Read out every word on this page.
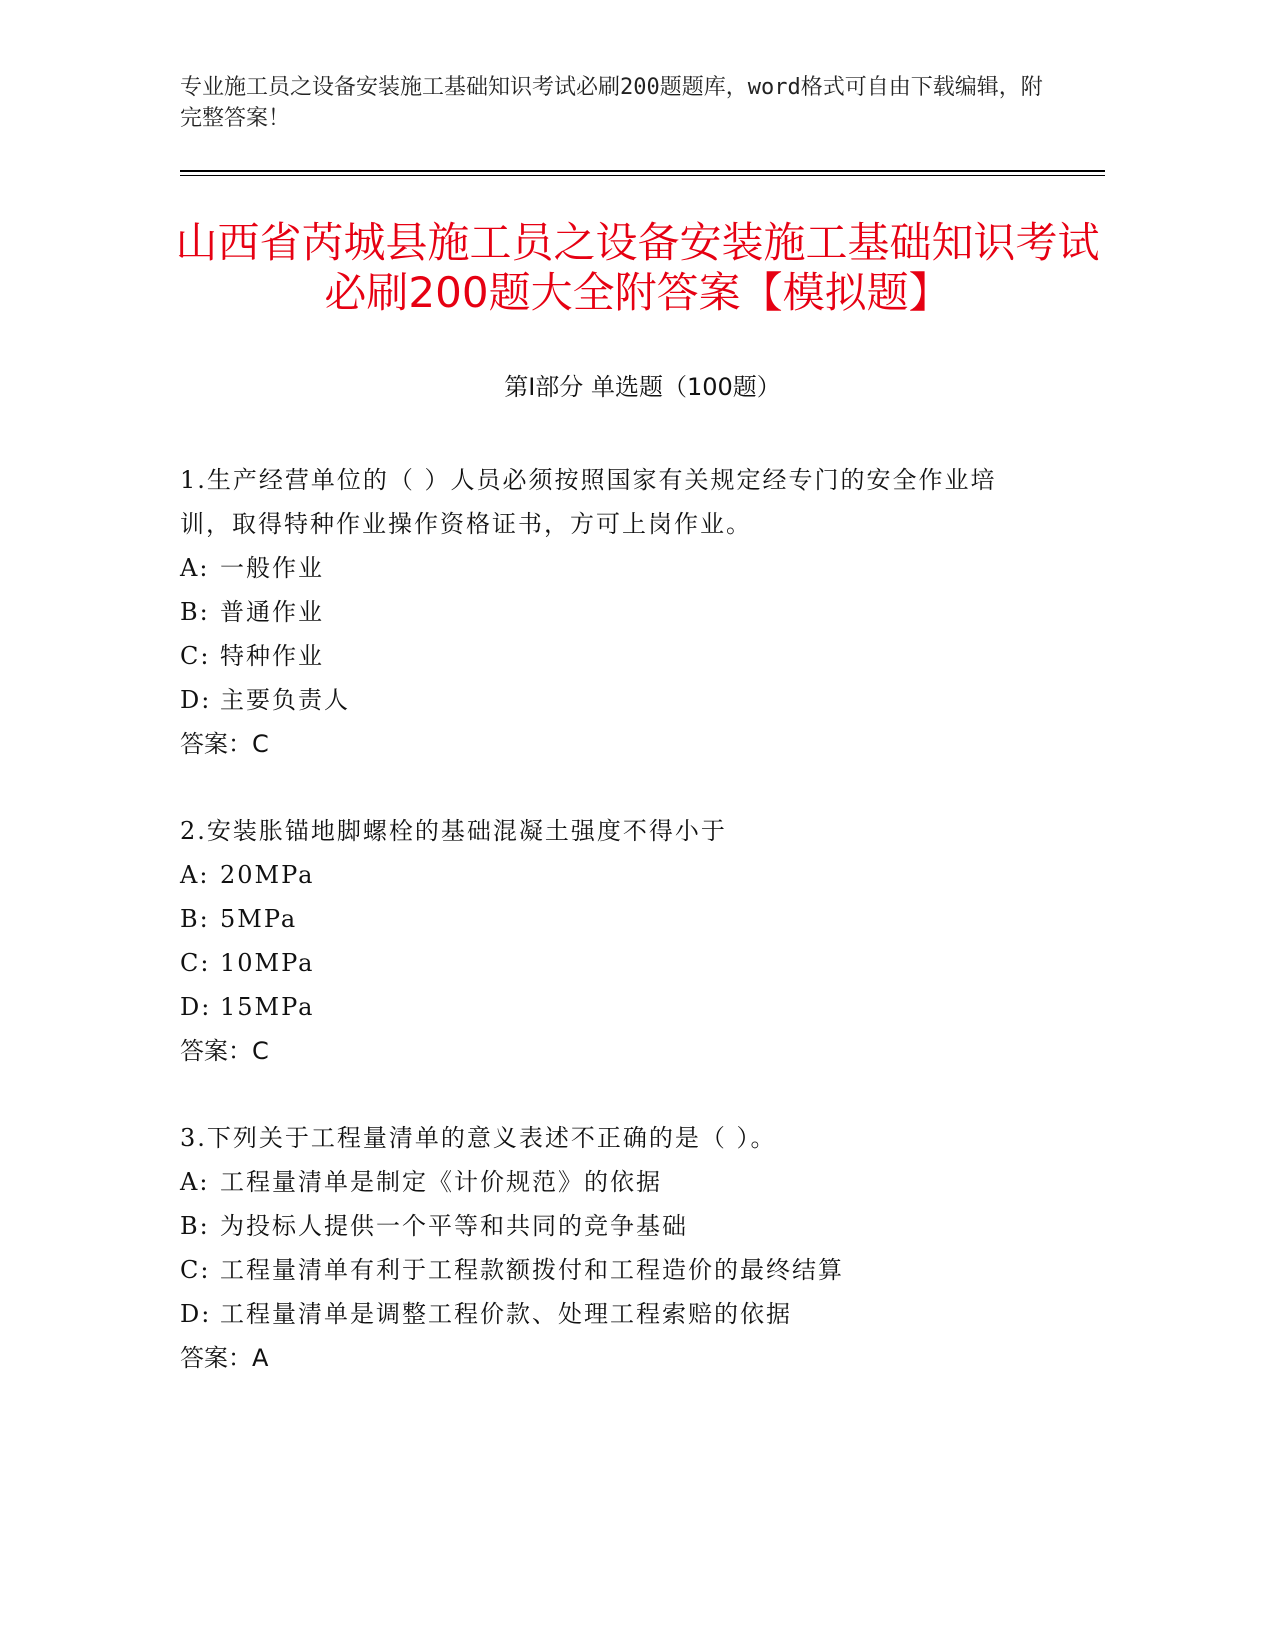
专业施工员之设备安装施工基础知识考试必刷200题题库，word格式可自由下载编辑，附完整答案！
山西省芮城县施工员之设备安装施工基础知识考试必刷200题大全附答案【模拟题】
第Ⅰ部分 单选题（100题）

1.生产经营单位的（ ）人员必须按照国家有关规定经专门的安全作业培训，取得特种作业操作资格证书，方可上岗作业。

A: 一般作业

B: 普通作业

C: 特种作业

D: 主要负责人

答案：C

2.安装胀锚地脚螺栓的基础混凝土强度不得小于

A: 20MPa

B: 5MPa

C: 10MPa

D: 15MPa

答案：C

3.下列关于工程量清单的意义表述不正确的是（ ）。

A: 工程量清单是制定《计价规范》的依据

B: 为投标人提供一个平等和共同的竞争基础

C: 工程量清单有利于工程款额拨付和工程造价的最终结算

D: 工程量清单是调整工程价款、处理工程索赔的依据

答案：A
